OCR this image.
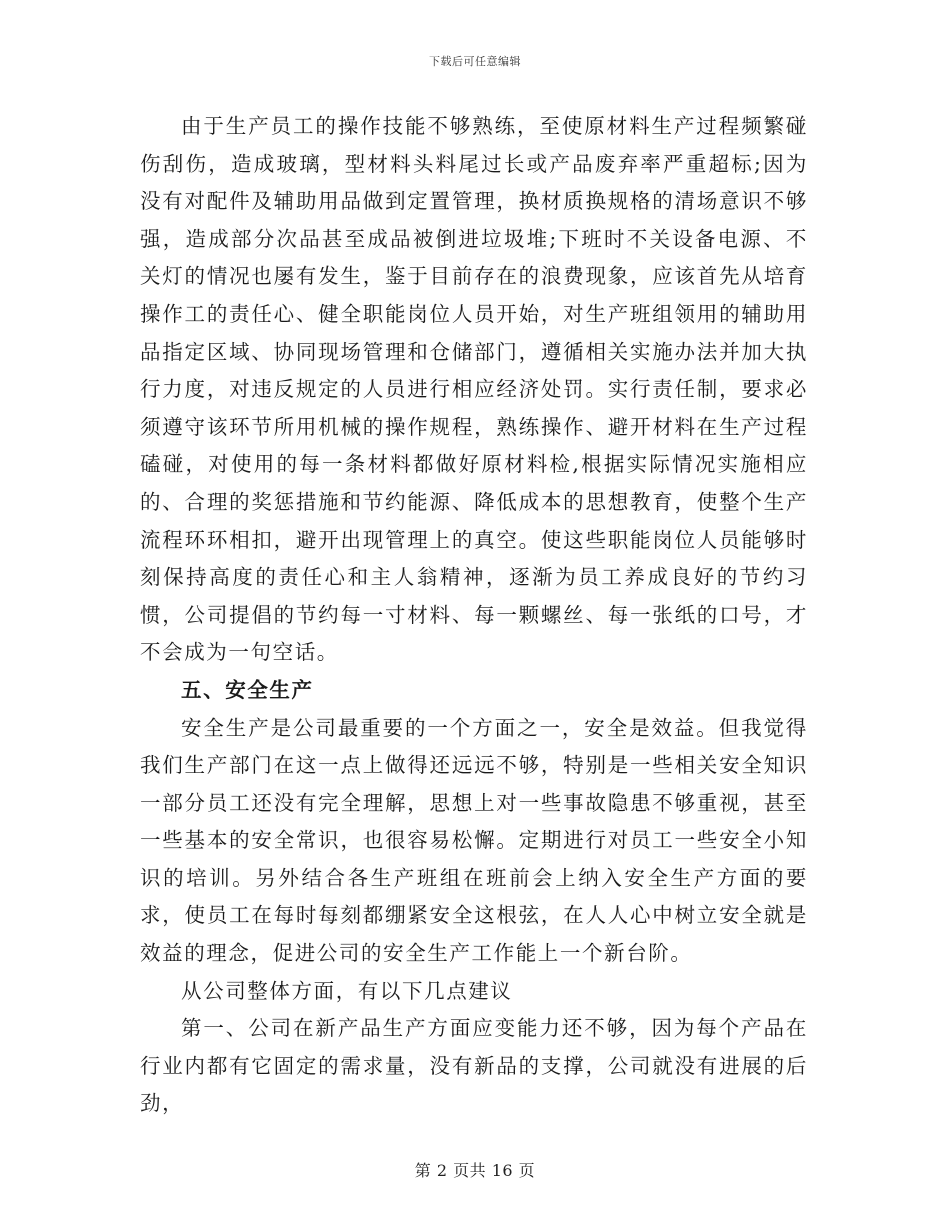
下载后可任意编辑

由于生产员工的操作技能不够熟练，至使原材料生产过程频繁碰伤刮伤，造成玻璃，型材料头料尾过长或产品废弃率严重超标;因为没有对配件及辅助用品做到定置管理，换材质换规格的清场意识不够强，造成部分次品甚至成品被倒进垃圾堆;下班时不关设备电源、不关灯的情况也屡有发生，鉴于目前存在的浪费现象，应该首先从培育操作工的责任心、健全职能岗位人员开始，对生产班组领用的辅助用品指定区域、协同现场管理和仓储部门，遵循相关实施办法并加大执行力度，对违反规定的人员进行相应经济处罚。实行责任制，要求必须遵守该环节所用机械的操作规程，熟练操作、避开材料在生产过程磕碰，对使用的每一条材料都做好原材料检,根据实际情况实施相应的、合理的奖惩措施和节约能源、降低成本的思想教育，使整个生产流程环环相扣，避开出现管理上的真空。使这些职能岗位人员能够时刻保持高度的责任心和主人翁精神，逐渐为员工养成良好的节约习惯，公司提倡的节约每一寸材料、每一颗螺丝、每一张纸的口号，才不会成为一句空话。

五、安全生产

安全生产是公司最重要的一个方面之一，安全是效益。但我觉得我们生产部门在这一点上做得还远远不够，特别是一些相关安全知识一部分员工还没有完全理解，思想上对一些事故隐患不够重视，甚至一些基本的安全常识，也很容易松懈。定期进行对员工一些安全小知识的培训。另外结合各生产班组在班前会上纳入安全生产方面的要求，使员工在每时每刻都绷紧安全这根弦，在人人心中树立安全就是效益的理念，促进公司的安全生产工作能上一个新台阶。

从公司整体方面，有以下几点建议

第一、公司在新产品生产方面应变能力还不够，因为每个产品在行业内都有它固定的需求量，没有新品的支撑，公司就没有进展的后劲，

第 2 页共 16 页
